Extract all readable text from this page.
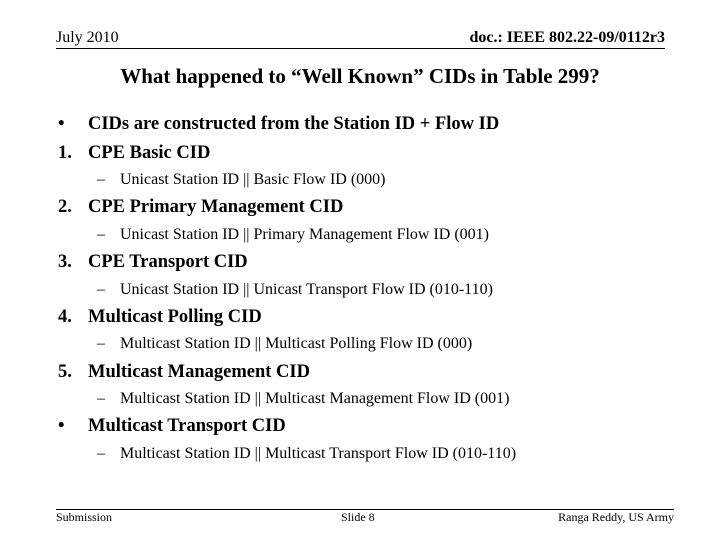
July 2010	doc.: IEEE 802.22-09/0112r3
What happened to “Well Known” CIDs in Table 299?
• CIDs are constructed from the Station ID + Flow ID
1. CPE Basic CID
– Unicast Station ID || Basic Flow ID (000)
2. CPE Primary Management CID
– Unicast Station ID || Primary Management Flow ID (001)
3. CPE Transport CID
– Unicast Station ID || Unicast Transport Flow ID (010-110)
4. Multicast Polling CID
– Multicast Station ID || Multicast Polling Flow ID (000)
5. Multicast Management CID
– Multicast Station ID || Multicast Management Flow ID (001)
• Multicast Transport CID
– Multicast Station ID || Multicast Transport Flow ID (010-110)
Submission	Slide 8	Ranga Reddy, US Army
